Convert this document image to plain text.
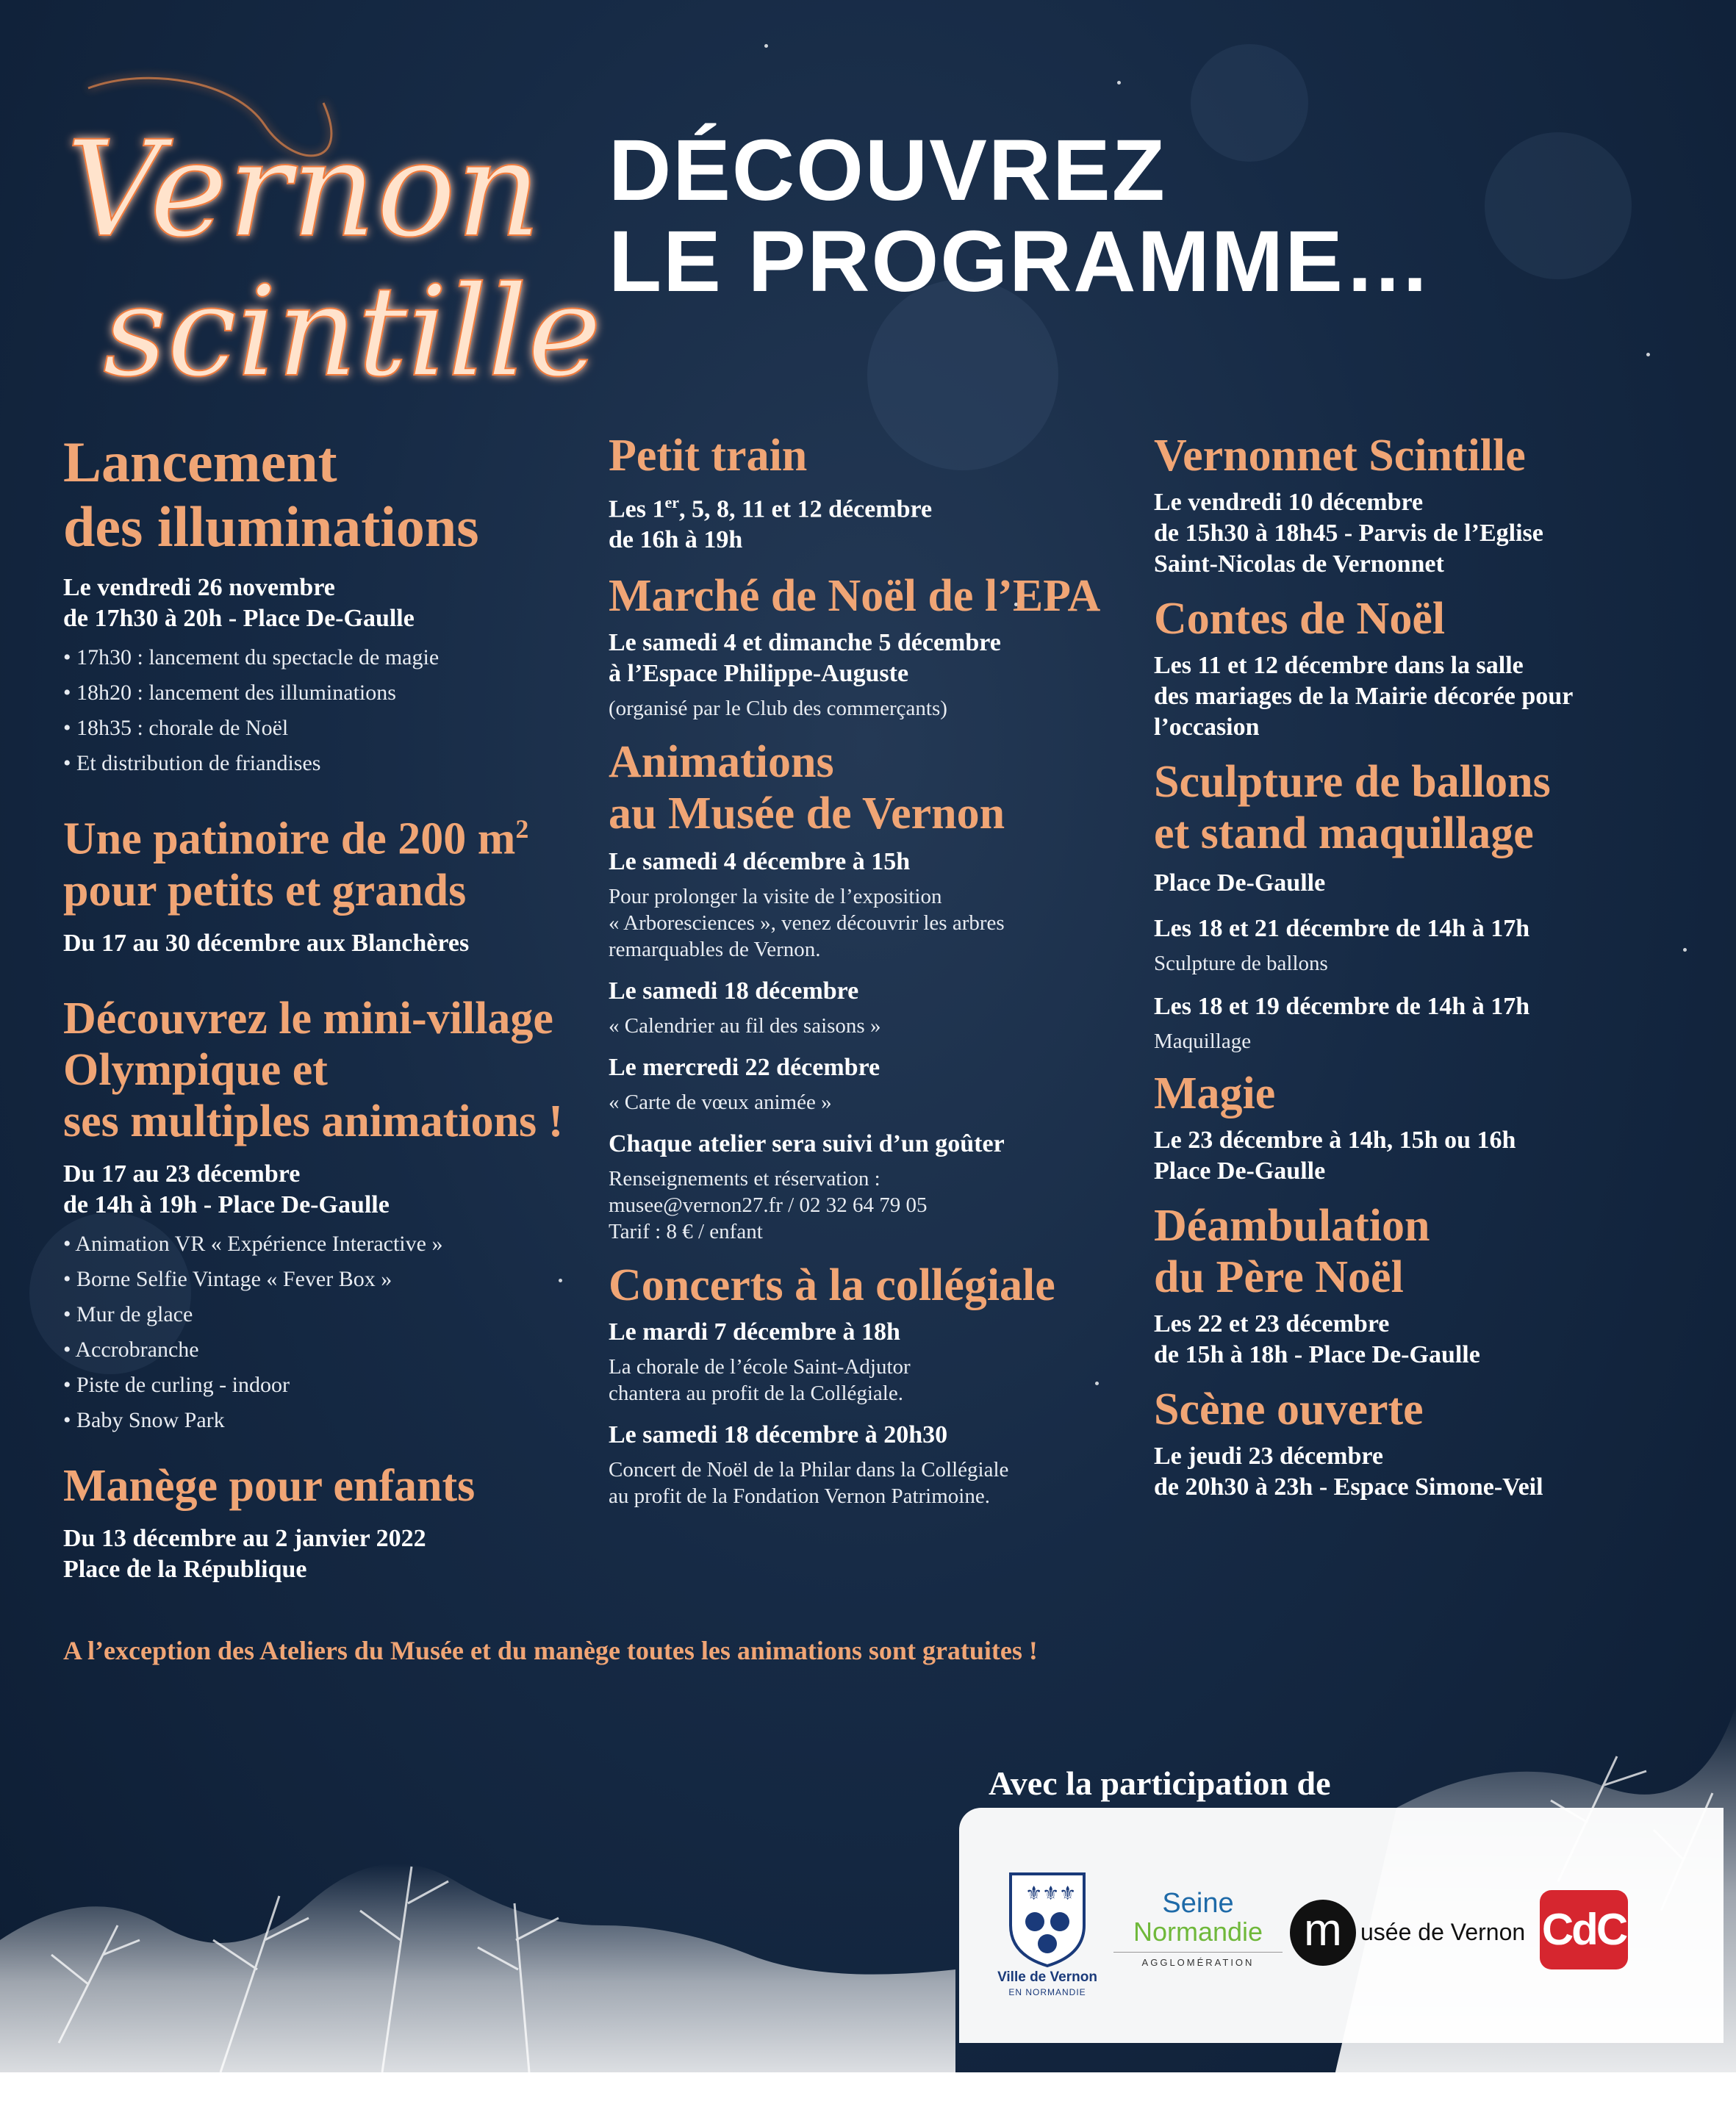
Vernon
scintille
DÉCOUVREZ
LE PROGRAMME…
Lancement
des illuminations

Le vendredi 26 novembre
de 17h30 à 20h - Place De-Gaulle

• 17h30 : lancement du spectacle de magie
• 18h20 : lancement des illuminations
• 18h35 : chorale de Noël
• Et distribution de friandises
Une patinoire de 200 $m^2$
pour petits et grands

Du 17 au 30 décembre aux Blanchères

Découvrez le mini-village
Olympique et
ses multiples animations !

Du 17 au 23 décembre
de 14h à 19h - Place De-Gaulle

• Animation VR « Expérience Interactive »
• Borne Selfie Vintage « Fever Box »
• Mur de glace
• Accrobranche
• Piste de curling - indoor
• Baby Snow Park
Manège pour enfants

Du 13 décembre au 2 janvier 2022
Place de la République

Petit train

Les 1er, 5, 8, 11 et 12 décembre
de 16h à 19h

Marché de Noël de l’EPA

Le samedi 4 et dimanche 5 décembre
à l’Espace Philippe-Auguste

(organisé par le Club des commerçants)

Animations
au Musée de Vernon

Le samedi 4 décembre à 15h

Pour prolonger la visite de l’exposition
« Arboresciences », venez découvrir les arbres
remarquables de Vernon.

Le samedi 18 décembre

« Calendrier au fil des saisons »

Le mercredi 22 décembre

« Carte de vœux animée »

Chaque atelier sera suivi d’un goûter

Renseignements et réservation :
musee@vernon27.fr / 02 32 64 79 05
Tarif : 8 € / enfant

Concerts à la collégiale

Le mardi 7 décembre à 18h

La chorale de l’école Saint-Adjutor
chantera au profit de la Collégiale.

Le samedi 18 décembre à 20h30

Concert de Noël de la Philar dans la Collégiale
au profit de la Fondation Vernon Patrimoine.

Vernonnet Scintille

Le vendredi 10 décembre
de 15h30 à 18h45 - Parvis de l’Eglise
Saint-Nicolas de Vernonnet

Contes de Noël

Les 11 et 12 décembre dans la salle
des mariages de la Mairie décorée pour
l’occasion

Sculpture de ballons
et stand maquillage

Place De-Gaulle

Les 18 et 21 décembre de 14h à 17h

Sculpture de ballons

Les 18 et 19 décembre de 14h à 17h

Maquillage

Magie

Le 23 décembre à 14h, 15h ou 16h
Place De-Gaulle

Déambulation
du Père Noël

Les 22 et 23 décembre
de 15h à 18h - Place De-Gaulle

Scène ouverte

Le jeudi 23 décembre
de 20h30 à 23h - Espace Simone-Veil

A l’exception des Ateliers du Musée et du manège toutes les animations sont gratuites !

Avec la participation de

⚜ ⚜ ⚜
Ville de Vernon
EN NORMANDIE
Seine
Normandie
AGGLOMÉRATION
m usée de Vernon CdC
